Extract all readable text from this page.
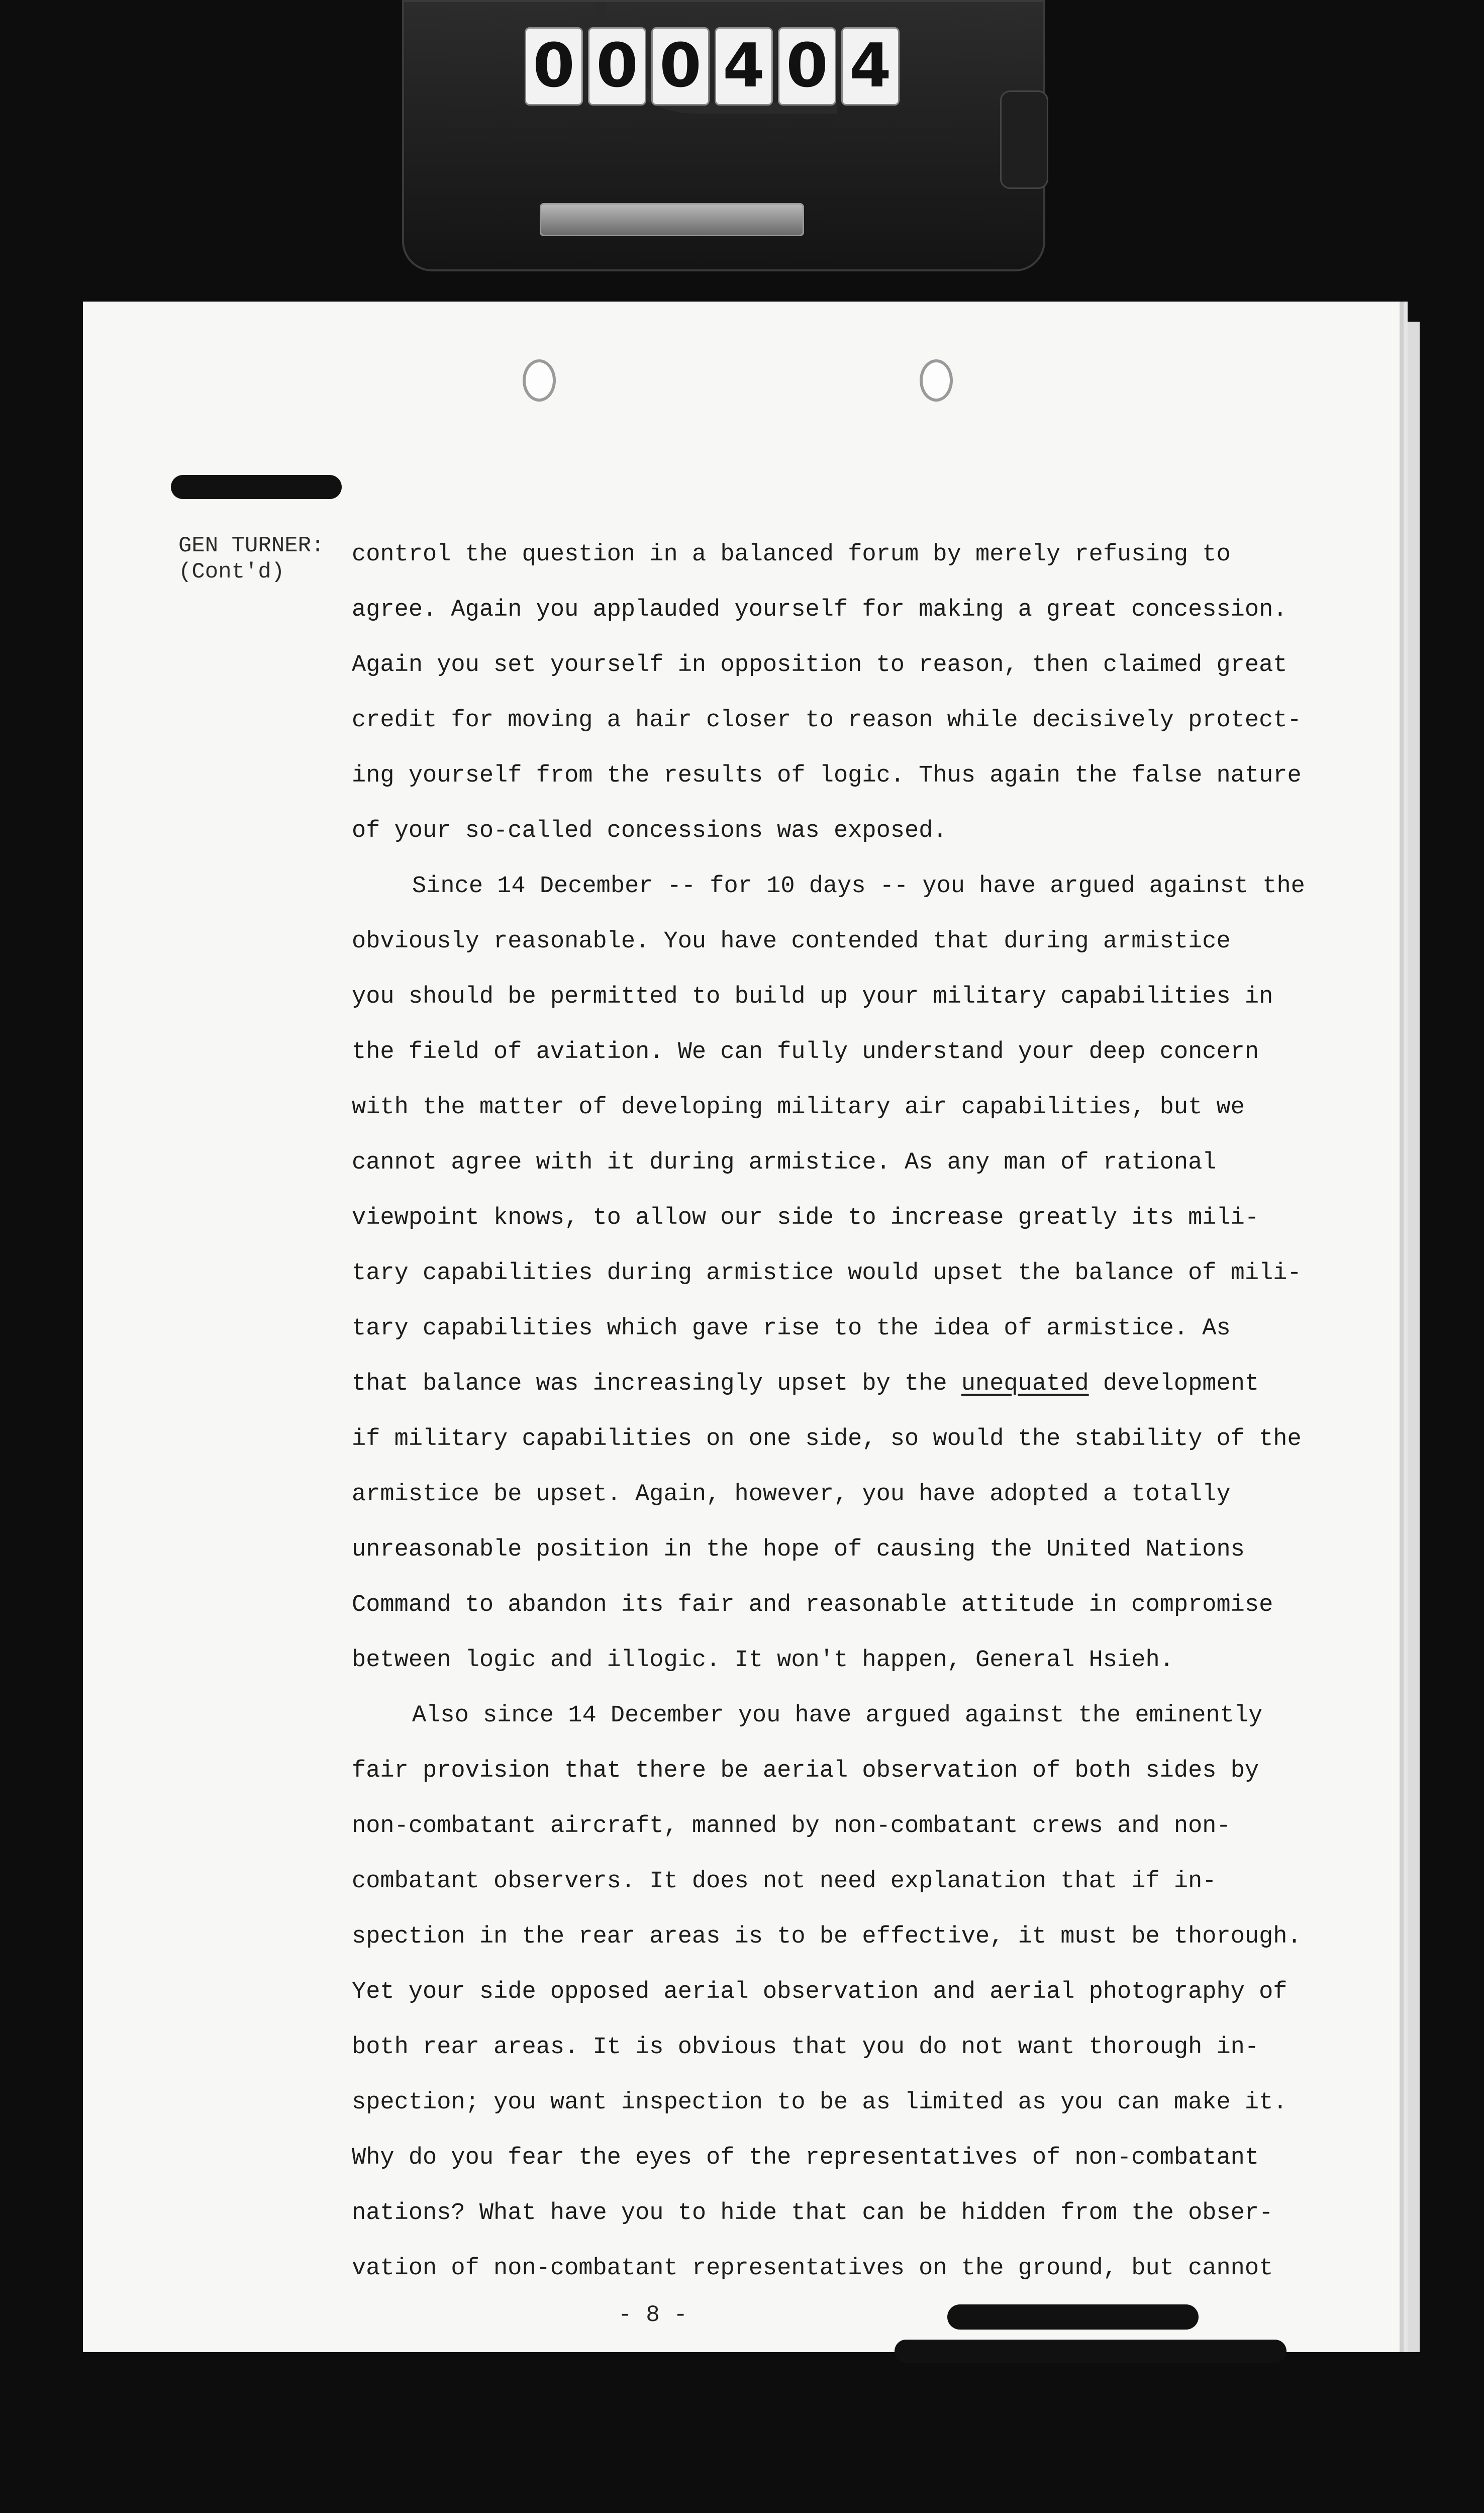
0 0 0 4 0 4
GEN TURNER:
(Cont'd)
control the question in a balanced forum by merely refusing to
agree. Again you applauded yourself for making a great concession.
Again you set yourself in opposition to reason, then claimed great
credit for moving a hair closer to reason while decisively protect-
ing yourself from the results of logic. Thus again the false nature
of your so-called concessions was exposed.
Since 14 December -- for 10 days -- you have argued against the
obviously reasonable. You have contended that during armistice
you should be permitted to build up your military capabilities in
the field of aviation. We can fully understand your deep concern
with the matter of developing military air capabilities, but we
cannot agree with it during armistice. As any man of rational
viewpoint knows, to allow our side to increase greatly its mili-
tary capabilities during armistice would upset the balance of mili-
tary capabilities which gave rise to the idea of armistice. As
that balance was increasingly upset by the unequated development
if military capabilities on one side, so would the stability of the
armistice be upset. Again, however, you have adopted a totally
unreasonable position in the hope of causing the United Nations
Command to abandon its fair and reasonable attitude in compromise
between logic and illogic. It won't happen, General Hsieh.
Also since 14 December you have argued against the eminently
fair provision that there be aerial observation of both sides by
non-combatant aircraft, manned by non-combatant crews and non-
combatant observers. It does not need explanation that if in-
spection in the rear areas is to be effective, it must be thorough.
Yet your side opposed aerial observation and aerial photography of
both rear areas. It is obvious that you do not want thorough in-
spection; you want inspection to be as limited as you can make it.
Why do you fear the eyes of the representatives of non-combatant
nations? What have you to hide that can be hidden from the obser-
vation of non-combatant representatives on the ground, but cannot
- 8 -
